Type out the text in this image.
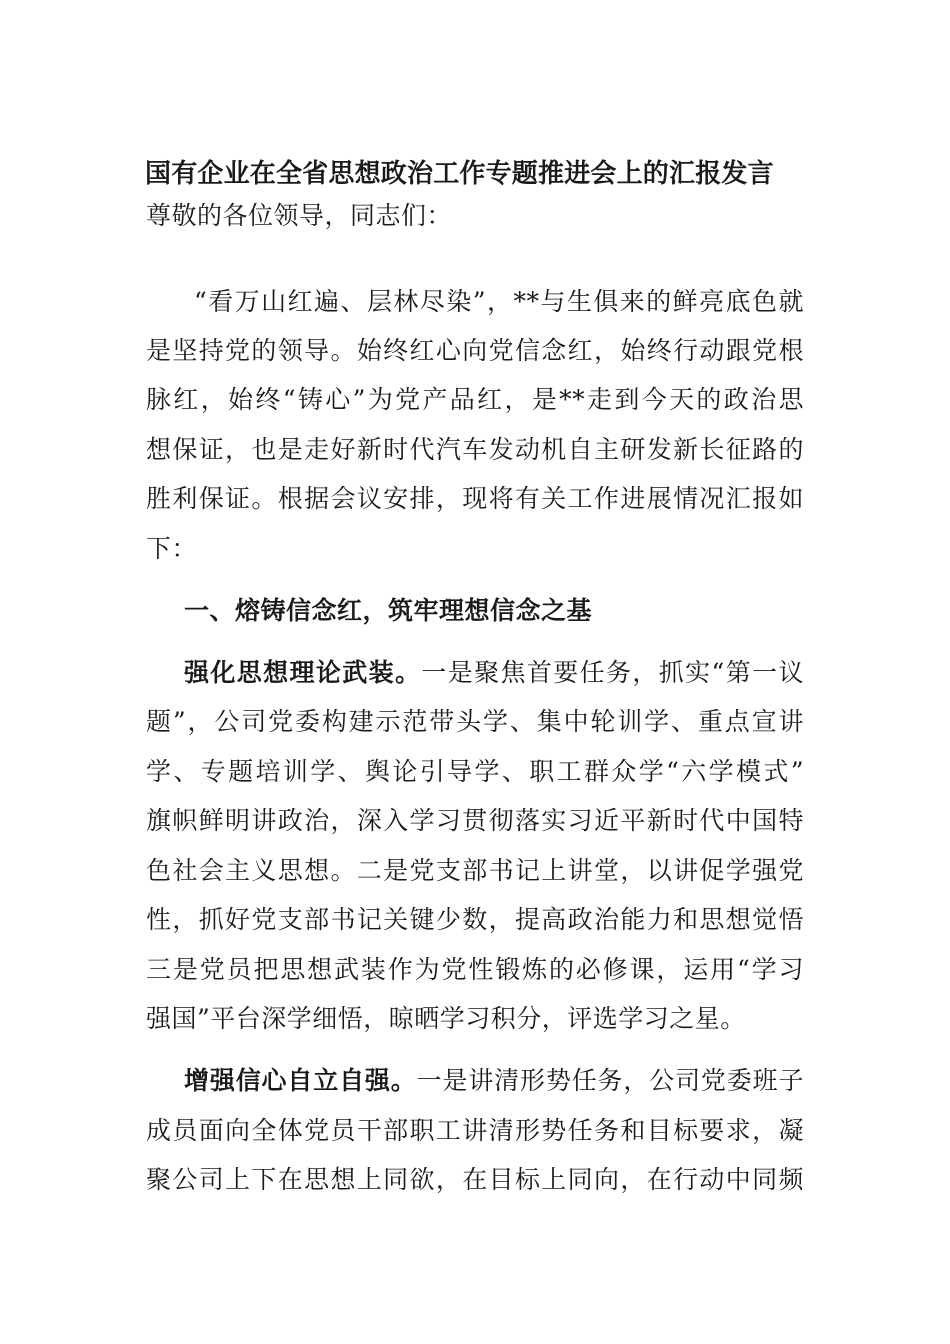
国有企业在全省思想政治工作专题推进会上的汇报发言
尊敬的各位领导，同志们：
“看万山红遍、层林尽染”，**与生俱来的鲜亮底色就
是坚持党的领导。始终红心向党信念红，始终行动跟党根
脉红，始终“铸心”为党产品红，是**走到今天的政治思
想保证，也是走好新时代汽车发动机自主研发新长征路的
胜利保证。根据会议安排，现将有关工作进展情况汇报如
下：
一、熔铸信念红，筑牢理想信念之基
强化思想理论武装。一是聚焦首要任务，抓实“第一议
题”，公司党委构建示范带头学、集中轮训学、重点宣讲
学、专题培训学、舆论引导学、职工群众学“六学模式”
旗帜鲜明讲政治，深入学习贯彻落实习近平新时代中国特
色社会主义思想。二是党支部书记上讲堂，以讲促学强党
性，抓好党支部书记关键少数，提高政治能力和思想觉悟
三是党员把思想武装作为党性锻炼的必修课，运用“学习
强国”平台深学细悟，晾晒学习积分，评选学习之星。
增强信心自立自强。一是讲清形势任务，公司党委班子
成员面向全体党员干部职工讲清形势任务和目标要求，凝
聚公司上下在思想上同欲，在目标上同向，在行动中同频
